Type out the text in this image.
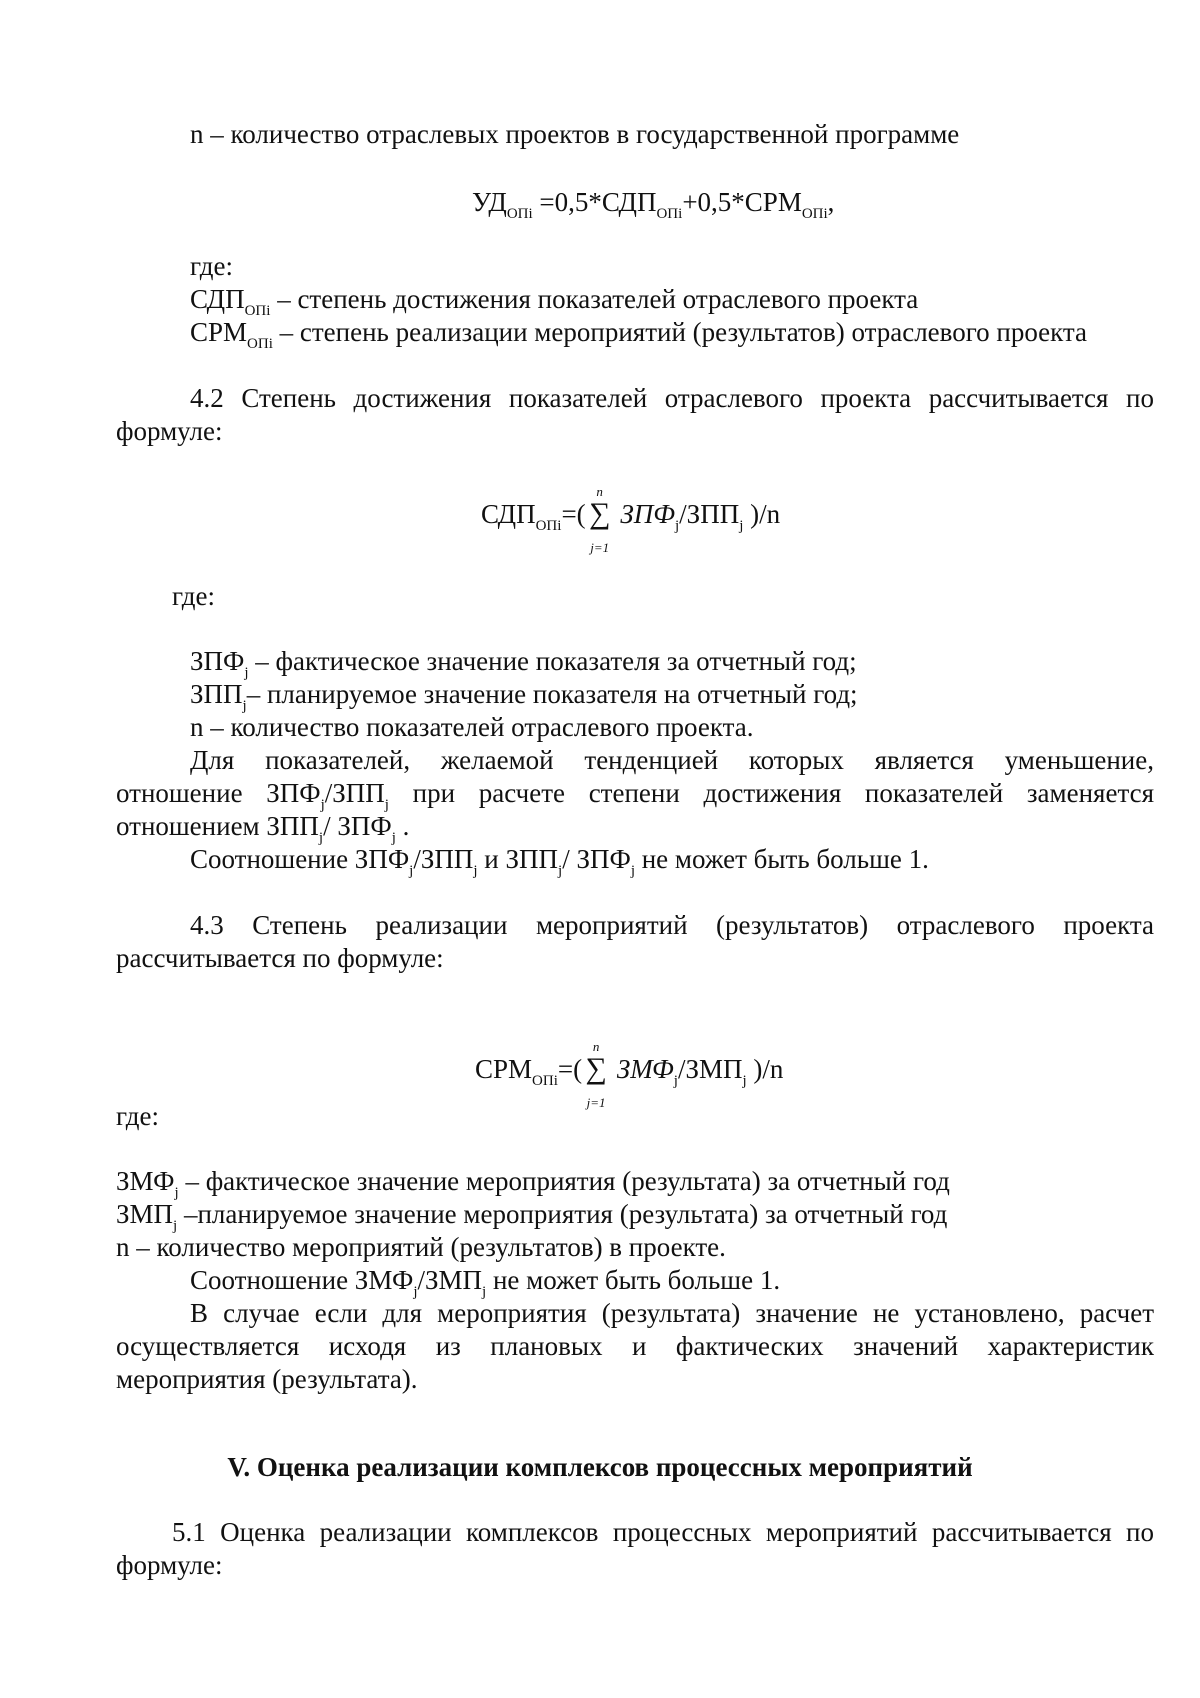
n – количество отраслевых проектов в государственной программе
$УД_{ОПi} =0,5*СДП_{ОПi}+0,5*СРМ_{ОПi}$,
где:
$СДП_{ОПi}$ – степень достижения показателей отраслевого проекта
$СРМ_{ОПi}$ – степень реализации мероприятий (результатов) отраслевого проекта
4.2 Степень достижения показателей отраслевого проекта рассчитывается по
формуле:
$СДП_{ОПi}=$( ∑
n
j=1
$ЗПФ_j/ЗПП_j$ )/n
где:
$ЗПФ_j$ – фактическое значение показателя за отчетный год;
$ЗПП_j-$ планируемое значение показателя на отчетный год;
n – количество показателей отраслевого проекта.
Для показателей, желаемой тенденцией которых является уменьшение,
отношение $ЗПФ_j/ЗПП_j$ при расчете степени достижения показателей заменяется
отношением $ЗПП_j/$ $ЗПФ_j$ .
Соотношение $ЗПФ_j/ЗПП_j$ и $ЗПП_j/$ $ЗПФ_j$ не может быть больше 1.
4.3 Степень реализации мероприятий (результатов) отраслевого проекта
рассчитывается по формуле:
$СРМ_{ОПi}=$( ∑
n
j=1
$ЗМФ_j/ЗМП_j$ )/n
где:
$ЗМФ_j$ – фактическое значение мероприятия (результата) за отчетный год
$ЗМП_j$ –планируемое значение мероприятия (результата) за отчетный год
n – количество мероприятий (результатов) в проекте.
Соотношение $ЗМФ_j/ЗМП_j$ не может быть больше 1.
В случае если для мероприятия (результата) значение не установлено, расчет
осуществляется исходя из плановых и фактических значений характеристик
мероприятия (результата).
V. Оценка реализации комплексов процессных мероприятий
5.1 Оценка реализации комплексов процессных мероприятий рассчитывается по
формуле:
